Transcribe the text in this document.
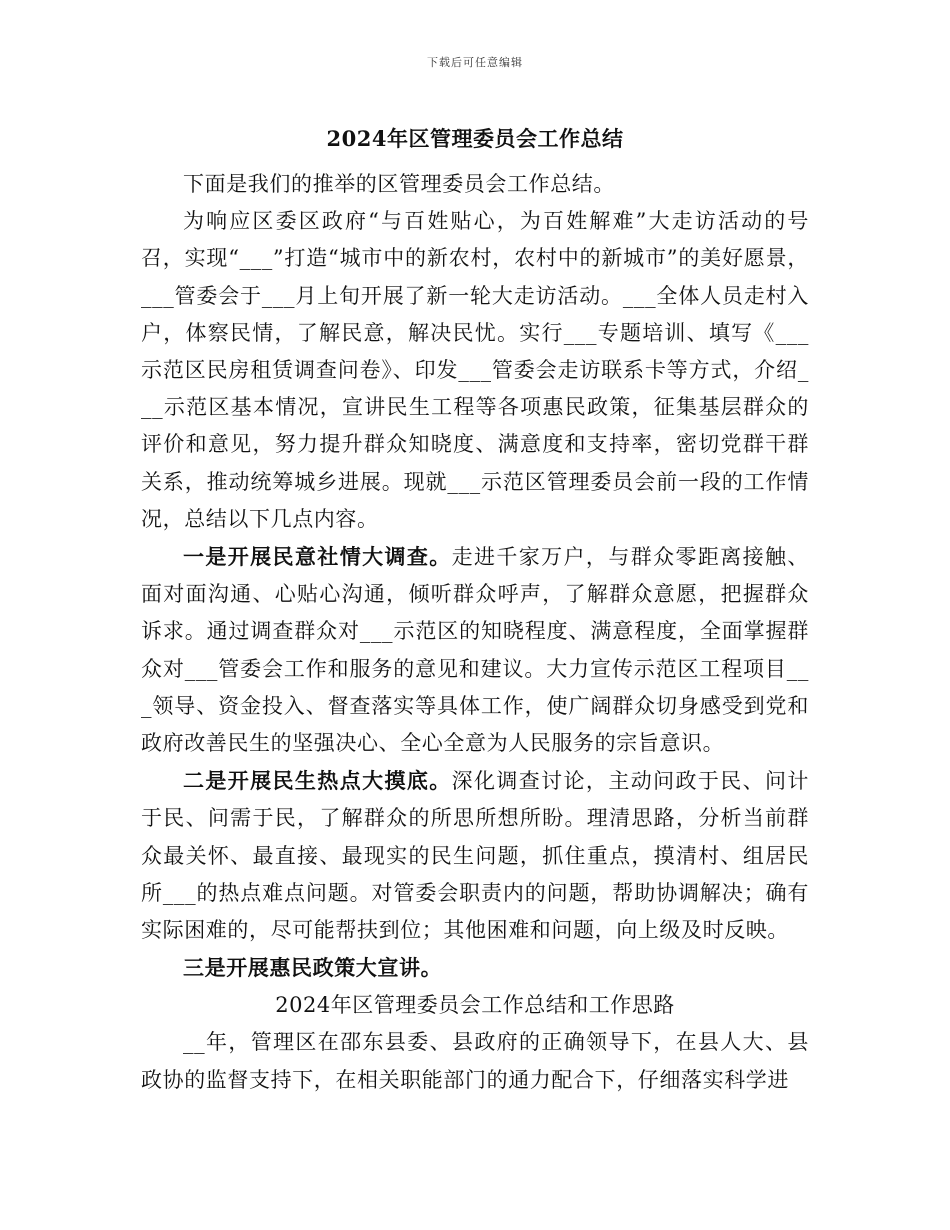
下载后可任意编辑
2024年区管理委员会工作总结

下面是我们的推举的区管理委员会工作总结。

为响应区委区政府“与百姓贴心，为百姓解难”大走访活动的号召，实现“___”打造“城市中的新农村，农村中的新城市”的美好愿景，___管委会于___月上旬开展了新一轮大走访活动。___全体人员走村入户，体察民情，了解民意，解决民忧。实行___专题培训、填写《___示范区民房租赁调查问卷》、印发___管委会走访联系卡等方式，介绍___示范区基本情况，宣讲民生工程等各项惠民政策，征集基层群众的评价和意见，努力提升群众知晓度、满意度和支持率，密切党群干群关系，推动统筹城乡进展。现就___示范区管理委员会前一段的工作情况，总结以下几点内容。

一是开展民意社情大调查。走进千家万户，与群众零距离接触、面对面沟通、心贴心沟通，倾听群众呼声，了解群众意愿，把握群众诉求。通过调查群众对___示范区的知晓程度、满意程度，全面掌握群众对___管委会工作和服务的意见和建议。大力宣传示范区工程项目___领导、资金投入、督查落实等具体工作，使广阔群众切身感受到党和政府改善民生的坚强决心、全心全意为人民服务的宗旨意识。

二是开展民生热点大摸底。深化调查讨论，主动问政于民、问计于民、问需于民，了解群众的所思所想所盼。理清思路，分析当前群众最关怀、最直接、最现实的民生问题，抓住重点，摸清村、组居民所___的热点难点问题。对管委会职责内的问题，帮助协调解决；确有实际困难的，尽可能帮扶到位；其他困难和问题，向上级及时反映。

三是开展惠民政策大宣讲。

2024年区管理委员会工作总结和工作思路

__年，管理区在邵东县委、县政府的正确领导下，在县人大、县政协的监督支持下，在相关职能部门的通力配合下，仔细落实科学进
